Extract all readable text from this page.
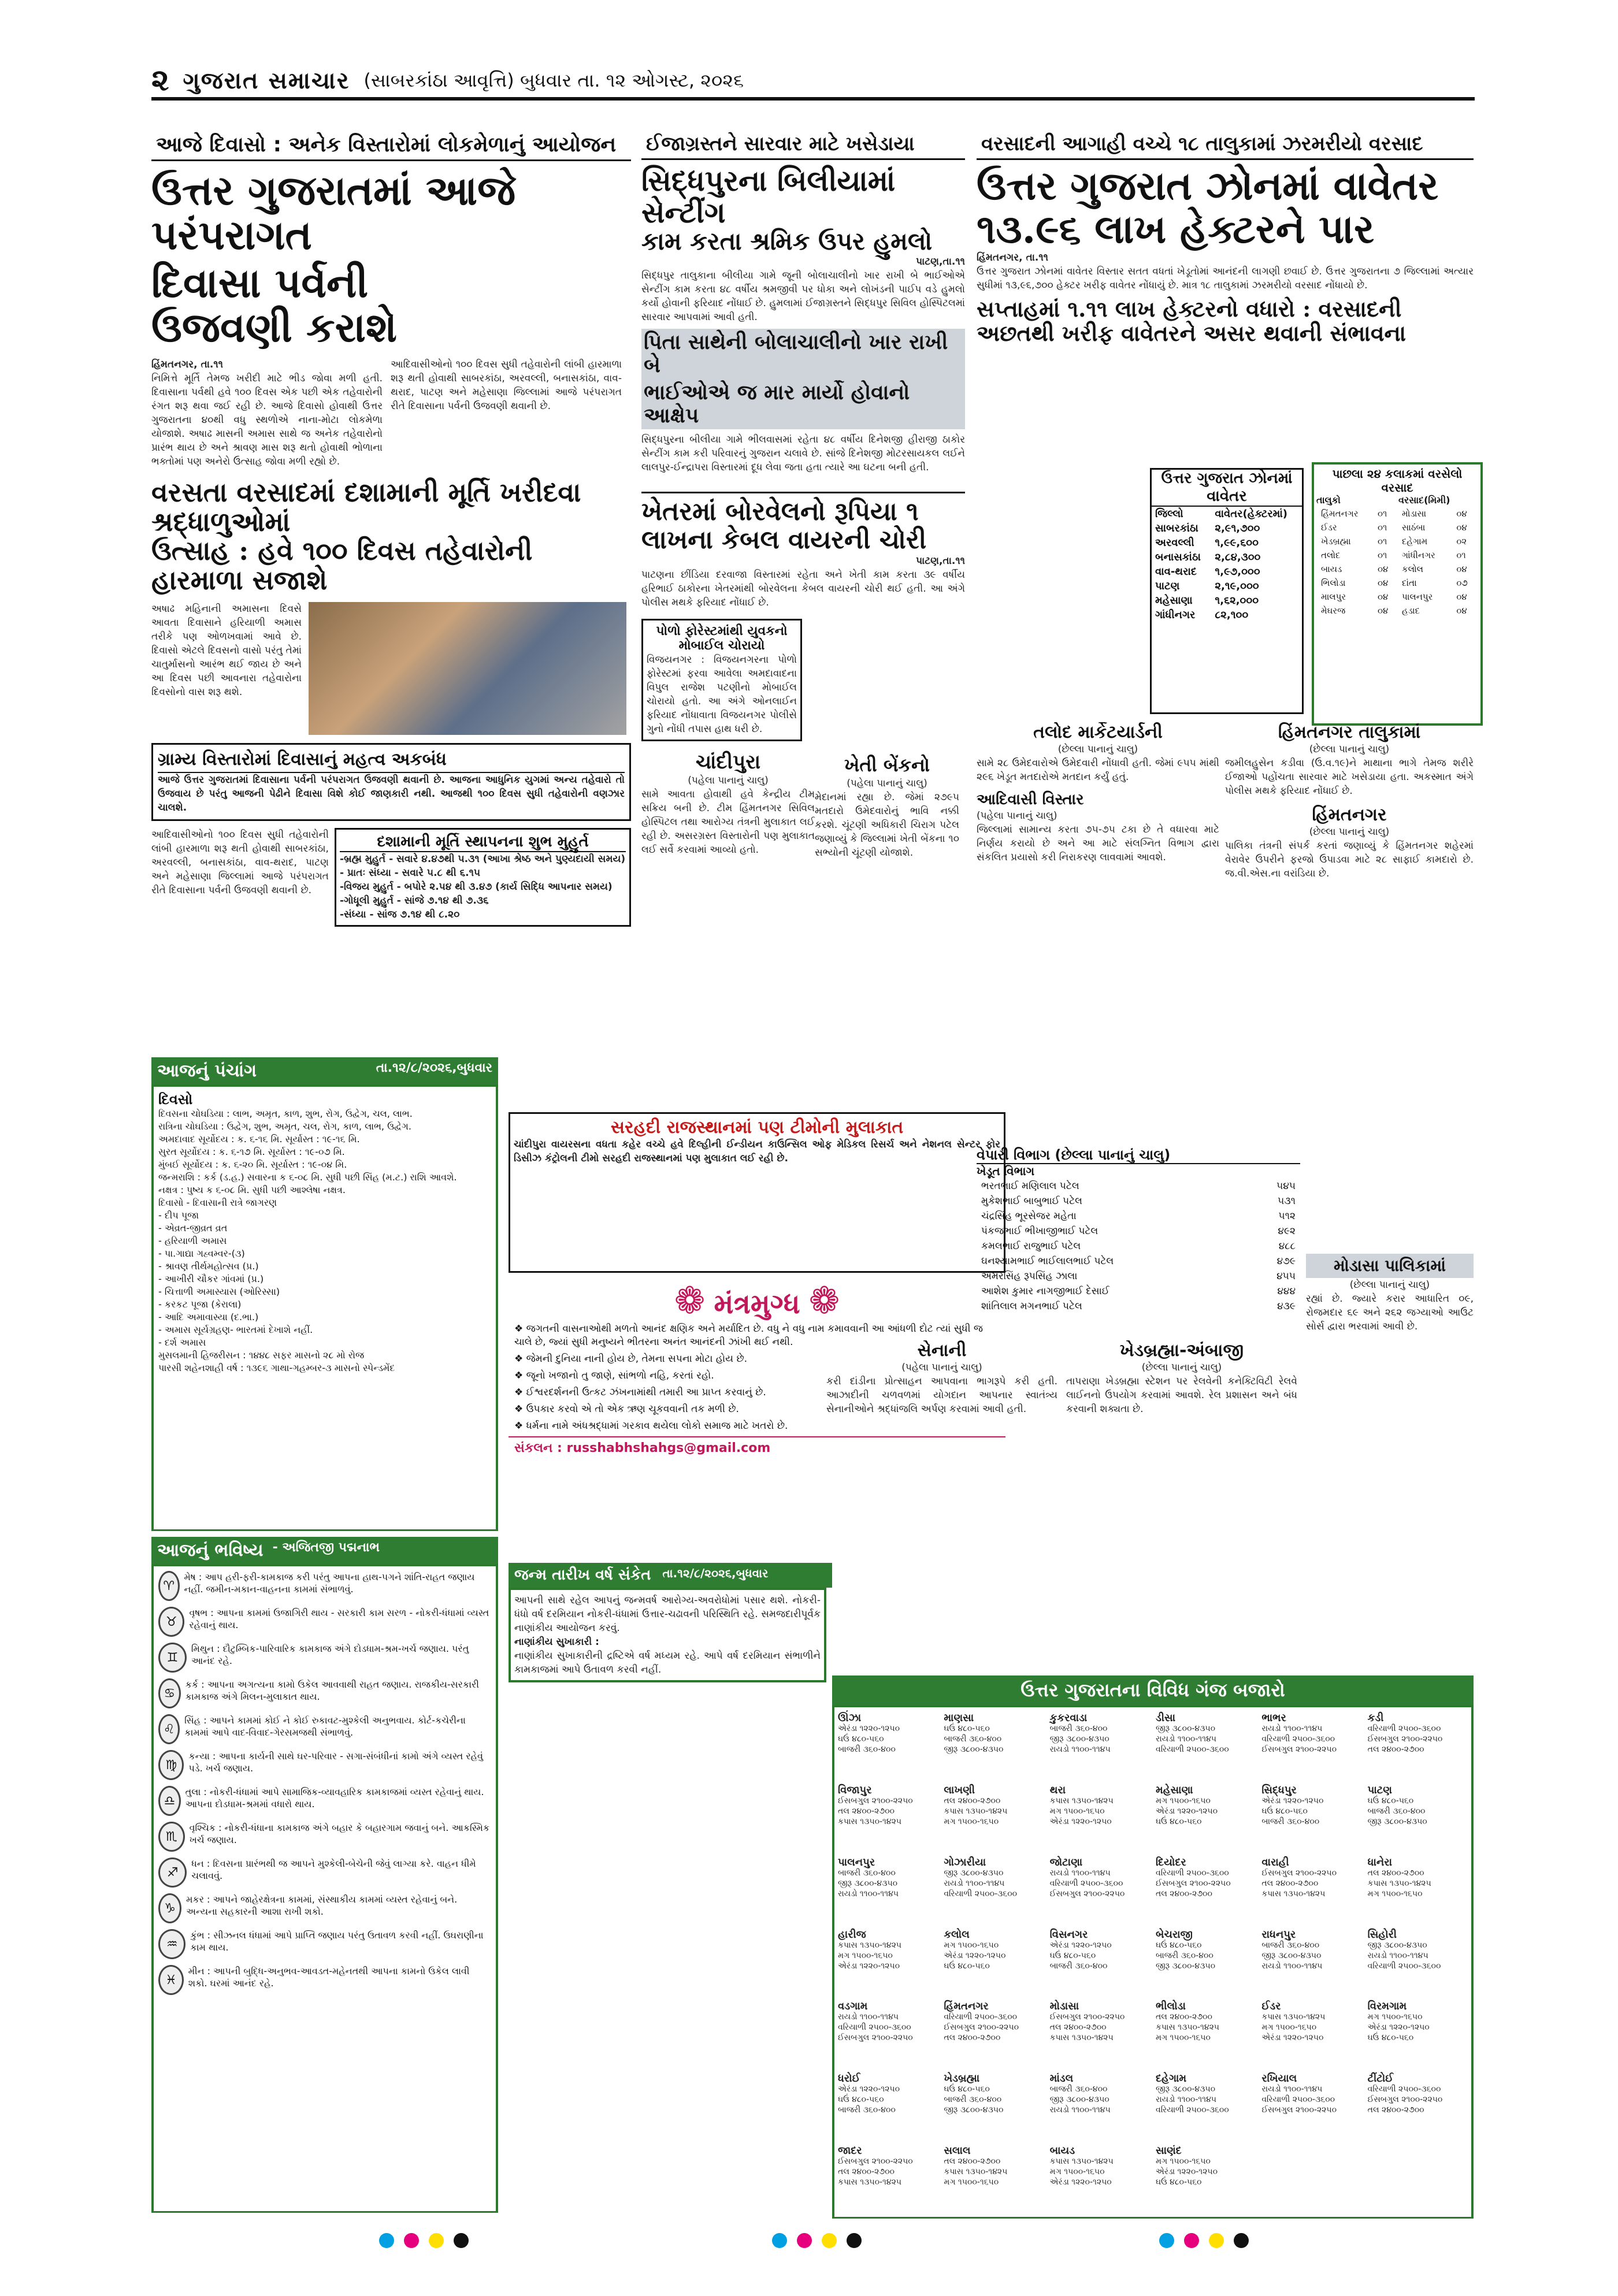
૨ ગુજરાત સમાચાર (સાબરકાંઠા આવૃત્તિ) બુધવાર તા. ૧૨ ઓગસ્ટ, ૨૦૨૬
આજે દિવાસો : અનેક વિસ્તારોમાં લોકમેળાનું આયોજન
ઉત્તર ગુજરાતમાં આજે પરંપરાગત
દિવાસા પર્વની ઉજવણી કરાશે
હિંમતનગર, તા.૧૧
નિમિત્તે મૂર્તિ તેમજ ખરીદી માટે ભીડ જોવા મળી હતી. દિવાસાના પર્વથી હવે ૧૦૦ દિવસ એક પછી એક તહેવારોની રંગત શરૂ થવા જઈ રહી છે. આજે દિવાસો હોવાથી ઉત્તર ગુજરાતના ૪૦થી વધુ સ્થળોએ નાના-મોટા લોકમેળા યોજાશે. અષાઢ માસની અમાસ સાથે જ અનેક તહેવારોનો પ્રારંભ થાય છે અને શ્રાવણ માસ શરૂ થતો હોવાથી ભોળાના ભક્તોમાં પણ અનેરો ઉત્સાહ જોવા મળી રહ્યો છે.
આદિવાસીઓનો ૧૦૦ દિવસ સુધી તહેવારોની લાંબી હારમાળા શરૂ થતી હોવાથી સાબરકાંઠા, અરવલ્લી, બનાસકાંઠા, વાવ-થરાદ, પાટણ અને મહેસાણા જિલ્લામાં આજે પરંપરાગત રીતે દિવાસાના પર્વની ઉજવણી થવાની છે.
વરસતા વરસાદમાં દશામાની મૂર્તિ ખરીદવા શ્રદ્ધાળુઓમાં
ઉત્સાહ : હવે ૧૦૦ દિવસ તહેવારોની હારમાળા સજાશે
અષાઢ મહિનાની અમાસના દિવસે આવતા દિવાસાને હરિયાળી અમાસ તરીકે પણ ઓળખવામાં આવે છે. દિવાસો એટલે દિવસનો વાસો પરંતુ તેમાં ચાતુર્માસનો આરંભ થઈ જાય છે અને આ દિવસ પછી આવનારા તહેવારોના દિવસોનો વાસ શરૂ થશે.
ગ્રામ્ય વિસ્તારોમાં દિવાસાનું મહત્વ અકબંધ
આજે ઉત્તર ગુજરાતમાં દિવાસાના પર્વની પરંપરાગત ઉજવણી થવાની છે. આજના આધુનિક યુગમાં અન્ય તહેવારો તો ઉજવાય છે પરંતુ આજની પેઢીને દિવાસા વિશે કોઈ જાણકારી નથી. આજથી ૧૦૦ દિવસ સુધી તહેવારોની વણઝાર ચાલશે.
આદિવાસીઓનો ૧૦૦ દિવસ સુધી તહેવારોની લાંબી હારમાળા શરૂ થતી હોવાથી સાબરકાંઠા, અરવલ્લી, બનાસકાંઠા, વાવ-થરાદ, પાટણ અને મહેસાણા જિલ્લામાં આજે પરંપરાગત રીતે દિવાસાના પર્વની ઉજવણી થવાની છે.
દશામાની મૂર્તિ સ્થાપનના શુભ મુહુર્ત
-બ્રહ્મ મુહુર્ત - સવારે ૪.૪૭થી ૫.૩૧ (આખા શ્રેષ્ઠ અને પુણ્યદાયી સમય)
- પ્રાતઃ સંધ્યા - સવારે ૫.૮ થી ૬.૧૫
-વિજય મુહુર્ત - બપોરે ૨.૫૪ થી ૩.૪૭ (કાર્ય સિદ્ધિ આપનાર સમય)
-ગોધૂલી મુહુર્ત - સાંજે ૭.૧૪ થી ૭.૩૬
-સંધ્યા - સાંજ ૭.૧૪ થી ૮.૨૦
આજનું પંચાંગ	તા.૧૨/૮/૨૦૨૬,બુધવાર
દિવસો
દિવસના ચોઘડિયા : લાભ, અમૃત, કાળ, શુભ, રોગ, ઉદ્વેગ, ચલ, લાભ.
રાત્રિના ચોઘડિયા : ઉદ્વેગ, શુભ, અમૃત, ચલ, રોગ, કાળ, લાભ, ઉદ્વેગ.
અમદાવાદ સૂર્યોદય : ક. ૬-૧૬ મિ. સૂર્યાસ્ત : ૧૯-૧૬ મિ.
સુરત સૂર્યોદય : ક. ૬-૧૭ મિ. સૂર્યાસ્ત : ૧૯-૦૭ મિ.
મુંબઈ સૂર્યોદય : ક. ૬-૨૦ મિ. સૂર્યાસ્ત : ૧૯-૦૪ મિ.
જન્મરાશિ : કર્ક (ડ.હ.) સવારના ક ૬-૦૮ મિ. સુધી પછી સિંહ (મ.ટ.) રાશિ આવશે.
નક્ષત્ર : પુષ્ય ક ૬-૦૮ મિ. સુધી પછી આશ્લેષા નક્ષત્ર.
દિવાસો - દિવાસાની રાત્રે જાગરણ
- દીપ પૂજા
- એવ્રત-જીવ્રત વ્રત
- હરિયાળી અમાસ
- પા.ગાદ્યા ગહ્વમ્વર-(૩)
- શ્રાવણ તીર્થમહોત્સવ (પ્ર.)
- આખીરી ચૌકર ગાંવમાં (પ્ર.)
- ચિત્તાળી અમાસ્યાસ (ઓરિસ્સા)
- કરકટ પૂજા (કેરાલા)
- આદિ અમાવાસ્યા (દ.ભા.)
- અમાસ સૂર્યગ્રહણ- ભારતમાં દેખાશે નહીં.
- દર્શ અમાસ
મુસલમાની હિજરીસન : ૧૪૪૮ સફર માસનો ૨૮ મો રોજ
પારસી શહેનશાહી વર્ષ : ૧૩૯૬ ગાથા-ગહમ્બર-૩ માસનો સ્પેન્ડમેંદ
આજનું ભવિષ્ય - અજિતજી પદ્મનાભ
♈
મેષ : આપ હરી-ફરી-કામકાજ કરી પરંતુ આપના હાથ-પગને શાંતિ-રાહત જણાય નહીં. જમીન-મકાન-વાહનના કામમાં સંભાળવું.
♉
વૃષભ : આપના કામમાં ઉજાગિરી થાય - સરકારી કામ સરળ - નોકરી-ધંધામાં વ્યસ્ત રહેવાનું થાય.
♊
મિથુન : દૌટુમ્બિક-પારિવારિક કામકાજ અંગે દોડધામ-શ્રમ-ખર્ચ જણાય. પરંતુ આનંદ રહે.
♋
કર્ક : આપના અગત્યના કામો ઉકેલ આવવાથી રાહત જણાય. રાજકીય-સરકારી કામકાજ અંગે મિલન-મુલાકાત થાય.
♌
સિંહ : આપને કામમાં કોઈ ને કોઈ રુકાવટ-મુશ્કેલી અનુભવાય. કોર્ટ-કચેરીના કામમાં આપે વાદ-વિવાદ-ગેરસમજથી સંભાળવું.
♍
કન્યા : આપના કાર્યની સાથે ઘર-પરિવાર - સગા-સંબંધીનાં કામો અંગે વ્યસ્ત રહેવું પડે. ખર્ચ જણાય.
♎
તુલા : નોકરી-ધંધામાં આપે સામાજિક-વ્યાવહારિક કામકાજમાં વ્યસ્ત રહેવાનું થાય. આપના દોડધામ-શ્રમમાં વધારો થાય.
♏
વૃશ્ચિક : નોકરી-ધંધાના કામકાજ અંગે બહાર કે બહારગામ જવાનું બને. આકસ્મિક ખર્ચ જણાય.
♐
ધન : દિવસના પ્રારંભથી જ આપને મુશ્કેલી-બેચેની જેવું લાગ્યા કરે. વાહન ધીમે ચલાવવું.
♑
મકર : આપને જાહેરક્ષેત્રના કામમાં, સંસ્થાકીય કામમાં વ્યસ્ત રહેવાનું બને. અન્યના સહકારની આશા રાખી શકો.
♒
કુંભ : સીઝનલ ધંધામાં આપે પ્રાપ્તિ જણાય પરંતુ ઉતાવળ કરવી નહીં. ઉઘરાણીના કામ થાય.
♓
મીન : આપની બુદ્ધિ-અનુભવ-આવડત-મહેનતથી આપના કામનો ઉકેલ લાવી શકો. ઘરમાં આનંદ રહે.
ઈજાગ્રસ્તને સારવાર માટે ખસેડાયા
સિદ્ધપુરના બિલીયામાં સેન્ટીંગ
કામ કરતા શ્રમિક ઉપર હુમલો
પાટણ,તા.૧૧
સિદ્ધપુર તાલુકાના બીલીયા ગામે જૂની બોલાચાલીનો ખાર રાખી બે ભાઈઓએ સેન્ટીંગ કામ કરતા ૪૮ વર્ષીય શ્રમજીવી પર ધોકા અને લોખંડની પાઈપ વડે હુમલો કર્યો હોવાની ફરિયાદ નોંધાઈ છે. હુમલામાં ઈજાગ્રસ્તને સિદ્ધપુર સિવિલ હોસ્પિટલમાં સારવાર આપવામાં આવી હતી.
પિતા સાથેની બોલાચાલીનો ખાર રાખી બે
ભાઈઓએ જ માર માર્યો હોવાનો આક્ષેપ
સિદ્ધપુરના બીલીયા ગામે ભીલવાસમાં રહેતા ૪૮ વર્ષીય દિનેશજી હીરાજી ઠાકોર સેન્ટીંગ કામ કરી પરિવારનું ગુજરાન ચલાવે છે. સાંજે દિનેશજી મોટરસાયકલ લઈને લાલપુર-ઈન્દ્રાપરા વિસ્તારમાં દૂધ લેવા જતા હતા ત્યારે આ ઘટના બની હતી.
ખેતરમાં બોરવેલનો રૂપિયા ૧
લાખના કેબલ વાયરની ચોરી
પાટણ,તા.૧૧
પાટણના છીંડિયા દરવાજા વિસ્તારમાં રહેતા અને ખેતી કામ કરતા ૩૯ વર્ષીય હરિભાઈ ઠાકોરના ખેતરમાંથી બોરવેલના કેબલ વાયરની ચોરી થઈ હતી. આ અંગે પોલીસ મથકે ફરિયાદ નોંધાઈ છે.
પોળો ફોરેસ્ટમાંથી યુવકનો મોબાઈલ ચોરાયો
વિજયનગર : વિજયનગરના પોળો ફોરેસ્ટમાં ફરવા આવેલા અમદાવાદના વિપુલ રાજેશ પટણીનો મોબાઈલ ચોરાયો હતો. આ અંગે ઓનલાઈન ફરિયાદ નોંધાવાતા વિજયનગર પોલીસે ગુનો નોંધી તપાસ હાથ ધરી છે.
ચાંદીપુરા
(પહેલા પાનાનું ચાલુ)
સામે આવતા હોવાથી હવે કેન્દ્રીય ટીમ સક્રિય બની છે. ટીમ હિંમતનગર સિવિલ હોસ્પિટલ તથા આરોગ્ય તંત્રની મુલાકાત લઈ રહી છે. અસરગ્રસ્ત વિસ્તારોની પણ મુલાકાત લઈ સર્વે કરવામાં આવ્યો હતો.
ખેતી બેંકનો
(પહેલા પાનાનું ચાલુ)
મેદાનમાં રહ્યા છે. જેમાં ૨૭૯૫ મતદારો ઉમેદવારોનું ભાવિ નક્કી કરશે. ચૂંટણી અધિકારી ચિરાગ પટેલ જણાવ્યું કે જિલ્લામાં ખેતી બેંકના ૧૦ સભ્યોની ચૂંટણી યોજાશે.
સરહદી રાજસ્થાનમાં પણ ટીમોની મુલાકાત
ચાંદીપુરા વાયરસના વધતા કહેર વચ્ચે હવે દિલ્હીની ઈન્ડીયન કાઉન્સિલ ઓફ મેડિકલ રિસર્ચ અને નેશનલ સેન્ટર ફોર ડિસીઝ કંટ્રોલની ટીમો સરહદી રાજસ્થાનમાં પણ મુલાકાત લઈ રહી છે.
❁ મંત્રમુગ્ધ ❁
❖ જગતની વાસનાઓથી મળતો આનંદ ક્ષણિક અને મર્યાદિત છે. વધુ ને વધુ નામ કમાવવાની આ આંધળી દોટ ત્યાં સુધી જ ચાલે છે, જ્યાં સુધી મનુષ્યને ભીતરના અનંત આનંદની ઝાંખી થઈ નથી.
❖ જેમની દુનિયા નાની હોય છે, તેમના સપના મોટા હોય છે.
❖ જૂનો ખજાનો તુ જાણે, સાંભળો નહિ, કરતાં રહો.
❖ ઈશ્વરદર્શનની ઉત્કટ ઝંખનામાંથી તમારી આ પ્રાપ્ત કરવાનું છે.
❖ ઉપકાર કરવો એ તો એક ઋણ ચૂકવવાની તક મળી છે.
❖ ધર્મના નામે અંધશ્રદ્ધામાં ગરકાવ થયેલા લોકો સમાજ માટે ખતરો છે.
સંકલન : russhabhshahgs@gmail.com
જન્મ તારીખ વર્ષ સંકેત તા.૧૨/૮/૨૦૨૬,બુધવાર
આપની સાથે રહેલ આપનું જન્મવર્ષ આરોગ્ય-અવરોધોમાં પસાર થશે. નોકરી-ધંધો વર્ષ દરમિયાન નોકરી-ધંધામાં ઉત્તાર-ચઢાવની પરિસ્થિતિ રહે. સમજદારીપૂર્વક નાણાંકીય આયોજન કરવું.
નાણાંકીય સુખાકારી :
નાણાંકીય સુખાકારીની દ્રષ્ટિએ વર્ષ મધ્યમ રહે. આપે વર્ષ દરમિયાન સંભાળીને કામકાજમાં આપે ઉતાવળ કરવી નહીં.
વરસાદની આગાહી વચ્ચે ૧૮ તાલુકામાં ઝરમરીયો વરસાદ
ઉત્તર ગુજરાત ઝોનમાં વાવેતર
૧૩.૯૬ લાખ હેક્ટરને પાર
હિંમતનગર, તા.૧૧
ઉત્તર ગુજરાત ઝોનમાં વાવેતર વિસ્તાર સતત વધતાં ખેડૂતોમાં આનંદની લાગણી છવાઈ છે. ઉત્તર ગુજરાતના ૭ જિલ્લામાં અત્યાર સુધીમાં ૧૩,૯૬,૭૦૦ હેક્ટર ખરીફ વાવેતર નોંધાયું છે. માત્ર ૧૮ તાલુકામાં ઝરમરીયો વરસાદ નોંધાયો છે.
સપ્તાહમાં ૧.૧૧ લાખ હેક્ટરનો વધારો : વરસાદની
અછતથી ખરીફ વાવેતરને અસર થવાની સંભાવના
ઉત્તર ગુજરાત ઝોનમાં વાવેતર
જિલ્લો	વાવેતર(હેક્ટરમાં)
સાબરકાંઠા	૨,૯૧,૭૦૦
અરવલ્લી	૧,૯૯,૬૦૦
બનાસકાંઠા	૨,૮૪,૩૦૦
વાવ-થરાદ	૧,૯૭,૦૦૦
પાટણ	૨,૧૯,૦૦૦
મહેસાણા	૧,૬૨,૦૦૦
ગાંધીનગર	૮૨,૧૦૦
પાછલા ૨૪ કલાકમાં વરસેલો વરસાદ
તાલુકો	વરસાદ(મિમી)
હિંમતનગર	૦૧
ઈડર	૦૧
ખેડબ્રહ્મા	૦૧
તલોદ	૦૧
બાયડ	૦૪
ભિલોડા	૦૪
માલપુર	૦૪
મેઘરજ	૦૪
મોડાસા	૦૪
સાઠંબા	૦૪
દહેગામ	૦૨
ગાંધીનગર	૦૧
કલોલ	૦૪
દાંતા	૦૭
પાલનપુર	૦૪
હડાદ	૦૪
તલોદ માર્કેટયાર્ડની
(છેલ્લા પાનાનું ચાલુ)
સામે ૨૮ ઉમેદવારોએ ઉમેદવારી નોંધાવી હતી. જેમાં ૯૫૫ માંથી ૨૯૬ ખેડૂત મતદારોએ મતદાન કર્યું હતું.
આદિવાસી વિસ્તાર
(પહેલા પાનાનું ચાલુ)
જિલ્લામાં સામાન્ય કરતા ૭૫-૭૫ ટકા છે તે વધારવા માટે નિર્ણય કરાયો છે અને આ માટે સંલગ્નિત વિભાગ દ્વારા સંકલિત પ્રયાસો કરી નિરાકરણ લાવવામાં આવશે.
હિંમતનગર તાલુકામાં
(છેલ્લા પાનાનું ચાલુ)
જમીલહુસેન કડીવા (ઉ.વ.૧૯)ને માથાના ભાગે તેમજ શરીરે ઈજાઓ પહોંચતા સારવાર માટે ખસેડાયા હતા. અકસ્માત અંગે પોલીસ મથકે ફરિયાદ નોંધાઈ છે.
હિંમતનગર
(છેલ્લા પાનાનું ચાલુ)
પાલિકા તંત્રની સંપર્ક કરતાં જણાવ્યું કે હિંમતનગર શહેરમાં વેરાવેર ઉપરીને ફરજો ઉપાડવા માટે ૨૮ સાફાઈ કામદારો છે. જ.વી.એસ.ના વરાંડિયા છે.
વેપારી વિભાગ (છેલ્લા પાનાનું ચાલુ)
ખેડૂત વિભાગ
ભરતભાઈ મણિલાલ પટેલ	૫૪૫
મુકેશભાઈ બાબુભાઈ પટેલ	૫૩૧
ચંદ્રસિંહ ભૂરસેજર મહેતા	૫૧૨
પંકજભાઈ ભીખાજીભાઈ પટેલ	૪૯૨
કમલભાઈ રાજુભાઈ પટેલ	૪૮૮
ઘનશ્યામભાઈ ભાઈલાલભાઈ પટેલ	૪૭૯
અમરસિંહ રૂપસિંહ ઝાલા	૪૫૫
આશેશ કુમાર નાગજીભાઈ દેસાઈ	૪૪૪
શાંતિલાલ મગનભાઈ પટેલ	૪૩૯
સેનાની
(પહેલા પાનાનું ચાલુ)
કરી દાંડીના પ્રોત્સાહન આપવાના ભાગરૂપે કરી હતી. આઝાદીની ચળવળમાં યોગદાન આપનાર સ્વાતંત્ર્ય સેનાનીઓને શ્રદ્ધાંજલિ અર્પણ કરવામાં આવી હતી.
ખેડબ્રહ્મા-અંબાજી
(છેલ્લા પાનાનું ચાલુ)
તાપરાણા ખેડબ્રહ્મા સ્ટેશન પર રેલવેની કનેક્ટિવિટી રેલવે લાઈનનો ઉપયોગ કરવામાં આવશે. રેલ પ્રશાસન અને બંધ કરવાની શક્યતા છે.
મોડાસા પાલિકામાં
(છેલ્લા પાનાનું ચાલુ)
રહ્યાં છે. જ્યારે કરાર આધારિત ૦૯, રોજમદાર ૬૯ અને ૨૬૨ જગ્યાઓ આઉટ સોર્સ દ્વારા ભરવામાં આવી છે.
ઉત્તર ગુજરાતના વિવિધ ગંજ બજારો
ઊંઝા
એરંડા ૧૨૨૦-૧૨૫૦
ઘઉં ૪૮૦-૫૬૦
બાજરી ૩૬૦-૪૦૦
માણસા
ઘઉં ૪૮૦-૫૬૦
બાજરી ૩૬૦-૪૦૦
જીરૂ ૩૮૦૦-૪૩૫૦
કુકરવાડા
બાજરી ૩૬૦-૪૦૦
જીરૂ ૩૮૦૦-૪૩૫૦
રાયડો ૧૧૦૦-૧૧૪૫
ડીસા
જીરૂ ૩૮૦૦-૪૩૫૦
રાયડો ૧૧૦૦-૧૧૪૫
વરિયાળી ૨૫૦૦-૩૬૦૦
ભાભર
રાયડો ૧૧૦૦-૧૧૪૫
વરિયાળી ૨૫૦૦-૩૬૦૦
ઈસબગુલ ૨૧૦૦-૨૨૫૦
કડી
વરિયાળી ૨૫૦૦-૩૬૦૦
ઈસબગુલ ૨૧૦૦-૨૨૫૦
તલ ૨૪૦૦-૨૭૦૦
વિજાપુર
ઈસબગુલ ૨૧૦૦-૨૨૫૦
તલ ૨૪૦૦-૨૭૦૦
કપાસ ૧૩૫૦-૧૪૨૫
લાખણી
તલ ૨૪૦૦-૨૭૦૦
કપાસ ૧૩૫૦-૧૪૨૫
મગ ૧૫૦૦-૧૬૫૦
થરા
કપાસ ૧૩૫૦-૧૪૨૫
મગ ૧૫૦૦-૧૬૫૦
એરંડા ૧૨૨૦-૧૨૫૦
મહેસાણા
મગ ૧૫૦૦-૧૬૫૦
એરંડા ૧૨૨૦-૧૨૫૦
ઘઉં ૪૮૦-૫૬૦
સિદ્ધપુર
એરંડા ૧૨૨૦-૧૨૫૦
ઘઉં ૪૮૦-૫૬૦
બાજરી ૩૬૦-૪૦૦
પાટણ
ઘઉં ૪૮૦-૫૬૦
બાજરી ૩૬૦-૪૦૦
જીરૂ ૩૮૦૦-૪૩૫૦
પાલનપુર
બાજરી ૩૬૦-૪૦૦
જીરૂ ૩૮૦૦-૪૩૫૦
રાયડો ૧૧૦૦-૧૧૪૫
ગોઝારીયા
જીરૂ ૩૮૦૦-૪૩૫૦
રાયડો ૧૧૦૦-૧૧૪૫
વરિયાળી ૨૫૦૦-૩૬૦૦
જોટાણા
રાયડો ૧૧૦૦-૧૧૪૫
વરિયાળી ૨૫૦૦-૩૬૦૦
ઈસબગુલ ૨૧૦૦-૨૨૫૦
દિયોદર
વરિયાળી ૨૫૦૦-૩૬૦૦
ઈસબગુલ ૨૧૦૦-૨૨૫૦
તલ ૨૪૦૦-૨૭૦૦
વારાહી
ઈસબગુલ ૨૧૦૦-૨૨૫૦
તલ ૨૪૦૦-૨૭૦૦
કપાસ ૧૩૫૦-૧૪૨૫
ધાનેરા
તલ ૨૪૦૦-૨૭૦૦
કપાસ ૧૩૫૦-૧૪૨૫
મગ ૧૫૦૦-૧૬૫૦
હારીજ
કપાસ ૧૩૫૦-૧૪૨૫
મગ ૧૫૦૦-૧૬૫૦
એરંડા ૧૨૨૦-૧૨૫૦
કલોલ
મગ ૧૫૦૦-૧૬૫૦
એરંડા ૧૨૨૦-૧૨૫૦
ઘઉં ૪૮૦-૫૬૦
વિસનગર
એરંડા ૧૨૨૦-૧૨૫૦
ઘઉં ૪૮૦-૫૬૦
બાજરી ૩૬૦-૪૦૦
બેચરાજી
ઘઉં ૪૮૦-૫૬૦
બાજરી ૩૬૦-૪૦૦
જીરૂ ૩૮૦૦-૪૩૫૦
રાધનપુર
બાજરી ૩૬૦-૪૦૦
જીરૂ ૩૮૦૦-૪૩૫૦
રાયડો ૧૧૦૦-૧૧૪૫
સિહોરી
જીરૂ ૩૮૦૦-૪૩૫૦
રાયડો ૧૧૦૦-૧૧૪૫
વરિયાળી ૨૫૦૦-૩૬૦૦
વડગામ
રાયડો ૧૧૦૦-૧૧૪૫
વરિયાળી ૨૫૦૦-૩૬૦૦
ઈસબગુલ ૨૧૦૦-૨૨૫૦
હિંમતનગર
વરિયાળી ૨૫૦૦-૩૬૦૦
ઈસબગુલ ૨૧૦૦-૨૨૫૦
તલ ૨૪૦૦-૨૭૦૦
મોડાસા
ઈસબગુલ ૨૧૦૦-૨૨૫૦
તલ ૨૪૦૦-૨૭૦૦
કપાસ ૧૩૫૦-૧૪૨૫
ભીલોડા
તલ ૨૪૦૦-૨૭૦૦
કપાસ ૧૩૫૦-૧૪૨૫
મગ ૧૫૦૦-૧૬૫૦
ઈડર
કપાસ ૧૩૫૦-૧૪૨૫
મગ ૧૫૦૦-૧૬૫૦
એરંડા ૧૨૨૦-૧૨૫૦
વિરમગામ
મગ ૧૫૦૦-૧૬૫૦
એરંડા ૧૨૨૦-૧૨૫૦
ઘઉં ૪૮૦-૫૬૦
ધરોઈ
એરંડા ૧૨૨૦-૧૨૫૦
ઘઉં ૪૮૦-૫૬૦
બાજરી ૩૬૦-૪૦૦
ખેડબ્રહ્મા
ઘઉં ૪૮૦-૫૬૦
બાજરી ૩૬૦-૪૦૦
જીરૂ ૩૮૦૦-૪૩૫૦
માંડલ
બાજરી ૩૬૦-૪૦૦
જીરૂ ૩૮૦૦-૪૩૫૦
રાયડો ૧૧૦૦-૧૧૪૫
દહેગામ
જીરૂ ૩૮૦૦-૪૩૫૦
રાયડો ૧૧૦૦-૧૧૪૫
વરિયાળી ૨૫૦૦-૩૬૦૦
રખિયાલ
રાયડો ૧૧૦૦-૧૧૪૫
વરિયાળી ૨૫૦૦-૩૬૦૦
ઈસબગુલ ૨૧૦૦-૨૨૫૦
ટીંટોઈ
વરિયાળી ૨૫૦૦-૩૬૦૦
ઈસબગુલ ૨૧૦૦-૨૨૫૦
તલ ૨૪૦૦-૨૭૦૦
જાદર
ઈસબગુલ ૨૧૦૦-૨૨૫૦
તલ ૨૪૦૦-૨૭૦૦
કપાસ ૧૩૫૦-૧૪૨૫
સલાલ
તલ ૨૪૦૦-૨૭૦૦
કપાસ ૧૩૫૦-૧૪૨૫
મગ ૧૫૦૦-૧૬૫૦
બાયડ
કપાસ ૧૩૫૦-૧૪૨૫
મગ ૧૫૦૦-૧૬૫૦
એરંડા ૧૨૨૦-૧૨૫૦
સાણંદ
મગ ૧૫૦૦-૧૬૫૦
એરંડા ૧૨૨૦-૧૨૫૦
ઘઉં ૪૮૦-૫૬૦
